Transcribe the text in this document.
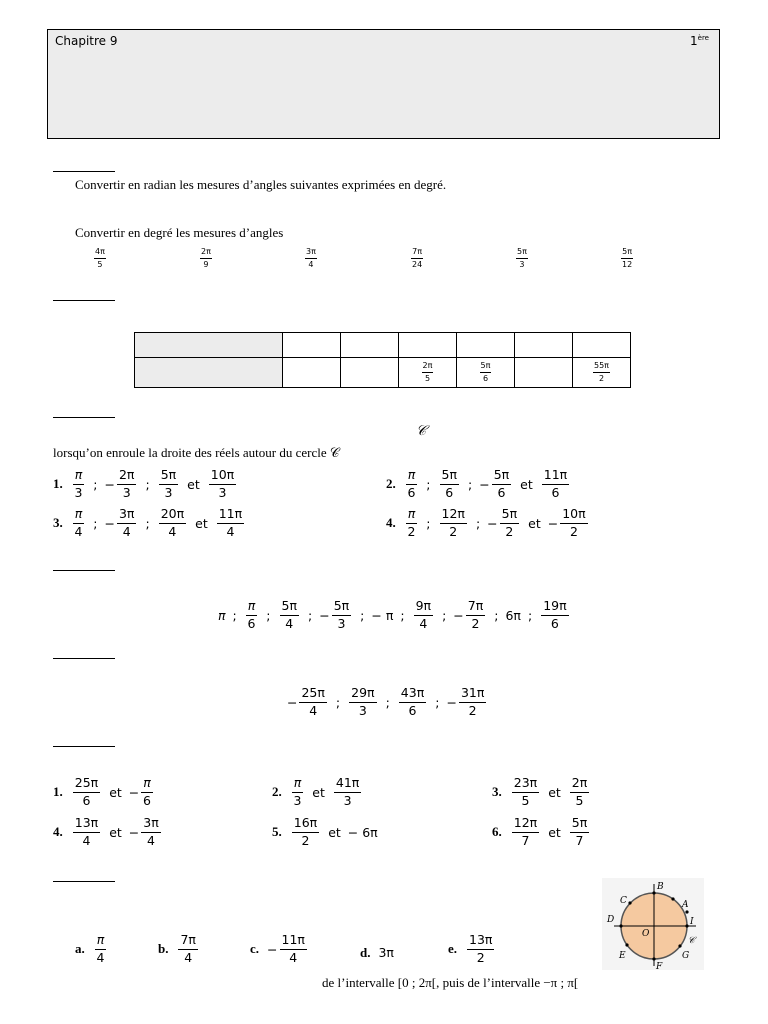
Chapitre 9	1ère
Convertir en radian les mesures d’angles suivantes exprimées en degré.
Convertir en degré les mesures d’angles
$\frac{4\pi}{5}$	$\frac{2\pi}{9}$	$\frac{3\pi}{4}$	$\frac{7\pi}{24}$	$\frac{5\pi}{3}$	$\frac{5\pi}{12}$

			$\frac{2\pi}{5}$	$\frac{5\pi}{6}$		$\frac{55\pi}{2}$
𝒞
lorsqu’on enroule la droite des réels autour du cercle 𝒞
1. $\frac{\pi}{3}$ ; − $\frac{2\pi}{3}$ ; $\frac{5\pi}{3}$ et $\frac{10\pi}{3}$	2. $\frac{\pi}{6}$ ; $\frac{5\pi}{6}$ ; − $\frac{5\pi}{6}$ et $\frac{11\pi}{6}$
3. $\frac{\pi}{4}$ ; − $\frac{3\pi}{4}$ ; $\frac{20\pi}{4}$ et $\frac{11\pi}{4}$	4. $\frac{\pi}{2}$ ; $\frac{12\pi}{2}$ ; − $\frac{5\pi}{2}$ et − $\frac{10\pi}{2}$
π ; $\frac{\pi}{6}$ ; $\frac{5\pi}{4}$ ; − $\frac{5\pi}{3}$ ; − π ; $\frac{9\pi}{4}$ ; − $\frac{7\pi}{2}$ ; 6π ; $\frac{19\pi}{6}$
− $\frac{25\pi}{4}$ ; $\frac{29\pi}{3}$ ; $\frac{43\pi}{6}$ ; − $\frac{31\pi}{2}$
1. $\frac{25\pi}{6}$ et − $\frac{\pi}{6}$	2. $\frac{\pi}{3}$ et $\frac{41\pi}{3}$	3. $\frac{23\pi}{5}$ et $\frac{2\pi}{5}$
4. $\frac{13\pi}{4}$ et − $\frac{3\pi}{4}$	5. $\frac{16\pi}{2}$ et − 6π	6. $\frac{12\pi}{7}$ et $\frac{5\pi}{7}$
B
A
I
C
D
O
E
F
G
𝒞
a. $\frac{\pi}{4}$	b. $\frac{7\pi}{4}$	c. − $\frac{11\pi}{4}$	d. 3π	e. $\frac{13\pi}{2}$
de l’intervalle [0 ; 2π[, puis de l’intervalle −π ; π[
